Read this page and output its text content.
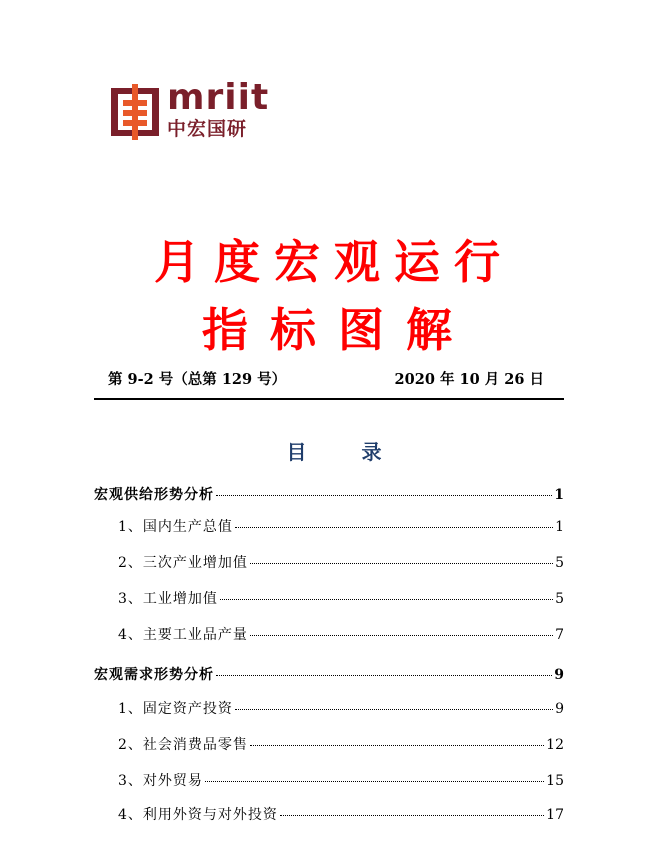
mriit
中宏国研
月度宏观运行
指标图解
第 9-2 号（总第 129 号）	2020 年 10 月 26 日
目 录
宏观供给形势分析	1
1、国内生产总值	1
2、三次产业增加值	5
3、工业增加值	5
4、主要工业品产量	7
宏观需求形势分析	9
1、固定资产投资	9
2、社会消费品零售	12
3、对外贸易	15
4、利用外资与对外投资	17
